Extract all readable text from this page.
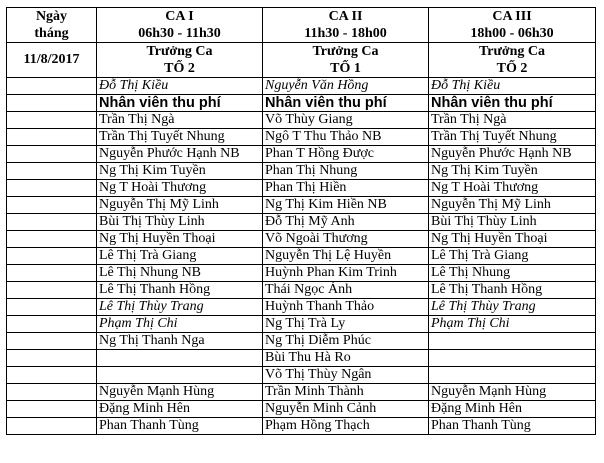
Ngày	CA I	CA II	CA III
tháng	06h30 - 11h30	11h30 - 18h00	18h00 - 06h30
11/8/2017	Trưởng Ca	Trưởng Ca	Trưởng Ca
	TỔ 2	TỔ 1	TỔ 2
	Đỗ Thị Kiều	Nguyễn Văn Hồng	Đỗ Thị Kiều
	Nhân viên thu phí	Nhân viên thu phí	Nhân viên thu phí
	Trần Thị Ngà	Võ Thùy Giang	Trần Thị Ngà
	Trần Thị Tuyết Nhung	Ngô T Thu Thảo NB	Trần Thị Tuyết Nhung
	Nguyễn Phước Hạnh NB	Phan T Hồng Được	Nguyễn Phước Hạnh NB
	Ng Thị Kim Tuyền	Phan Thị Nhung	Ng Thị Kim Tuyền
	Ng T Hoài Thương	Phan Thị Hiền	Ng T Hoài Thương
	Nguyễn Thị Mỹ Linh	Ng Thị Kim Hiền NB	Nguyễn Thị Mỹ Linh
	Bùi Thị Thùy Linh	Đỗ Thị Mỹ Anh	Bùi Thị Thùy Linh
	Ng Thị Huyền Thoại	Võ Ngoài Thương	Ng Thị Huyền Thoại
	Lê Thị Trà Giang	Nguyễn Thị Lệ Huyền	Lê Thị Trà Giang
	Lê Thị Nhung NB	Huỳnh Phan Kim Trinh	Lê Thị Nhung
	Lê Thị Thanh Hồng	Thái Ngọc Ánh	Lê Thị Thanh Hồng
	Lê Thị Thùy Trang	Huỳnh Thanh Thảo	Lê Thị Thùy Trang
	Phạm Thị Chi	Ng Thị Trà Ly	Phạm Thị Chi
	Ng Thị Thanh Nga	Ng Thị Diễm Phúc	
		Bùi Thu Hà Ro	
		Võ Thị Thùy Ngân	
	Nguyễn Mạnh Hùng	Trần Minh Thành	Nguyễn Mạnh Hùng
	Đặng Minh Hên	Nguyễn Minh Cảnh	Đặng Minh Hên
	Phan Thanh Tùng	Phạm Hồng Thạch	Phan Thanh Tùng
